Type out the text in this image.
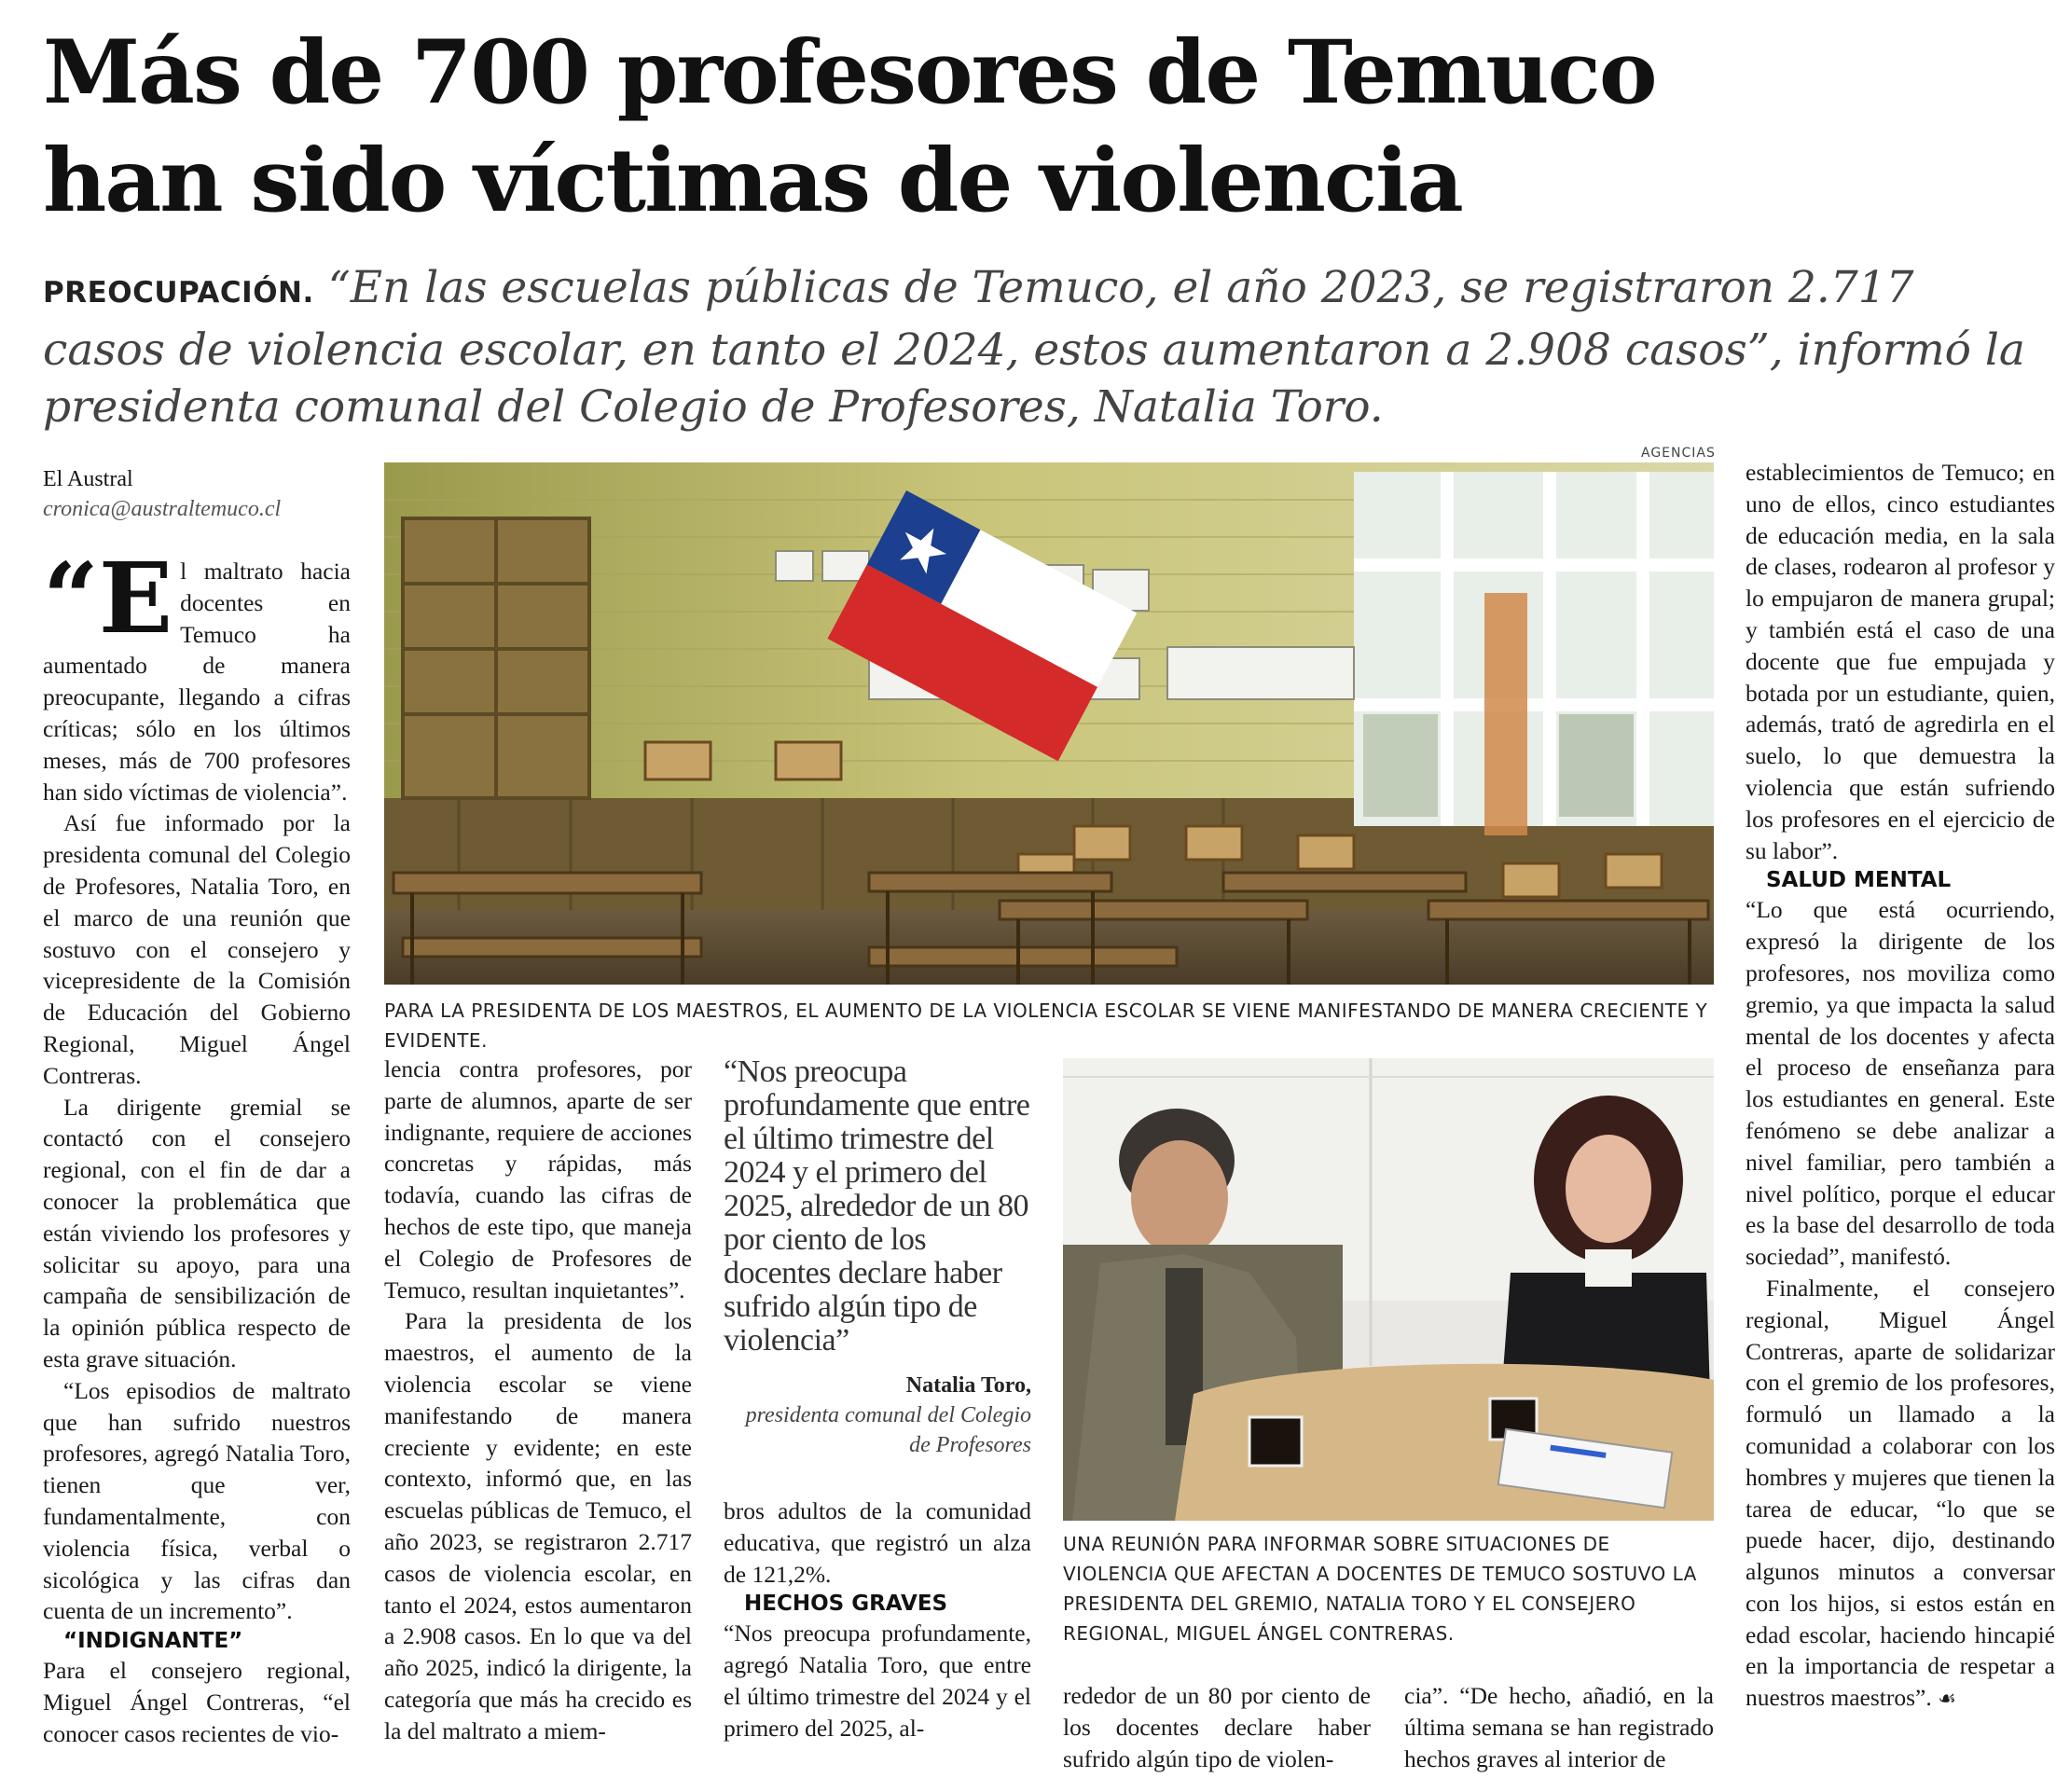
Más de 700 profesores de Temuco
han sido víctimas de violencia

PREOCUPACIÓN. “En las escuelas públicas de Temuco, el año 2023, se registraron 2.717 casos de violencia escolar, en tanto el 2024, estos aumentaron a 2.908 casos”, informó la presidenta comunal del Colegio de Profesores, Natalia Toro.

El Austral
cronica@australtemuco.cl

“E l maltrato hacia docentes en Temuco ha aumentado de manera preocupante, llegando a cifras críticas; sólo en los últimos meses, más de 700 profesores han sido víctimas de violencia”.

Así fue informado por la presidenta comunal del Colegio de Profesores, Natalia Toro, en el marco de una reunión que sostuvo con el consejero y vicepresidente de la Comisión de Educación del Gobierno Regional, Miguel Ángel Contreras.

La dirigente gremial se contactó con el consejero regional, con el fin de dar a conocer la problemática que están viviendo los profesores y solicitar su apoyo, para una campaña de sensibilización de la opinión pública respecto de esta grave situación.

“Los episodios de maltrato que han sufrido nuestros profesores, agregó Natalia Toro, tienen que ver, fundamentalmente, con violencia física, verbal o sicológica y las cifras dan cuenta de un incremento”.

“INDIGNANTE”

Para el consejero regional, Miguel Ángel Contreras, “el conocer casos recientes de vio-

AGENCIAS
PARA LA PRESIDENTA DE LOS MAESTROS, EL AUMENTO DE LA VIOLENCIA ESCOLAR SE VIENE MANIFESTANDO DE MANERA CRECIENTE Y EVIDENTE.

lencia contra profesores, por parte de alumnos, aparte de ser indignante, requiere de acciones concretas y rápidas, más todavía, cuando las cifras de hechos de este tipo, que maneja el Colegio de Profesores de Temuco, resultan inquietantes”.

Para la presidenta de los maestros, el aumento de la violencia escolar se viene manifestando de manera creciente y evidente; en este contexto, informó que, en las escuelas públicas de Temuco, el año 2023, se registraron 2.717 casos de violencia escolar, en tanto el 2024, estos aumentaron a 2.908 casos. En lo que va del año 2025, indicó la dirigente, la categoría que más ha crecido es la del maltrato a miem-

“Nos preocupa profundamente que entre el último trimestre del 2024 y el primero del 2025, alrededor de un 80 por ciento de los docentes declare haber sufrido algún tipo de violencia”
Natalia Toro,
presidenta comunal del Colegio
de Profesores

bros adultos de la comunidad educativa, que registró un alza de 121,2%.

HECHOS GRAVES

“Nos preocupa profundamente, agregó Natalia Toro, que entre el último trimestre del 2024 y el primero del 2025, al-

UNA REUNIÓN PARA INFORMAR SOBRE SITUACIONES DE VIOLENCIA QUE AFECTAN A DOCENTES DE TEMUCO SOSTUVO LA PRESIDENTA DEL GREMIO, NATALIA TORO Y EL CONSEJERO REGIONAL, MIGUEL ÁNGEL CONTRERAS.

rededor de un 80 por ciento de los docentes declare haber sufrido algún tipo de violen-

cia”. “De hecho, añadió, en la última semana se han registrado hechos graves al interior de

establecimientos de Temuco; en uno de ellos, cinco estudiantes de educación media, en la sala de clases, rodearon al profesor y lo empujaron de manera grupal; y también está el caso de una docente que fue empujada y botada por un estudiante, quien, además, trató de agredirla en el suelo, lo que demuestra la violencia que están sufriendo los profesores en el ejercicio de su labor”.

SALUD MENTAL

“Lo que está ocurriendo, expresó la dirigente de los profesores, nos moviliza como gremio, ya que impacta la salud mental de los docentes y afecta el proceso de enseñanza para los estudiantes en general. Este fenómeno se debe analizar a nivel familiar, pero también a nivel político, porque el educar es la base del desarrollo de toda sociedad”, manifestó.

Finalmente, el consejero regional, Miguel Ángel Contreras, aparte de solidarizar con el gremio de los profesores, formuló un llamado a la comunidad a colaborar con los hombres y mujeres que tienen la tarea de educar, “lo que se puede hacer, dijo, destinando algunos minutos a conversar con los hijos, si estos están en edad escolar, haciendo hincapié en la importancia de respetar a nuestros maestros”. ☙
